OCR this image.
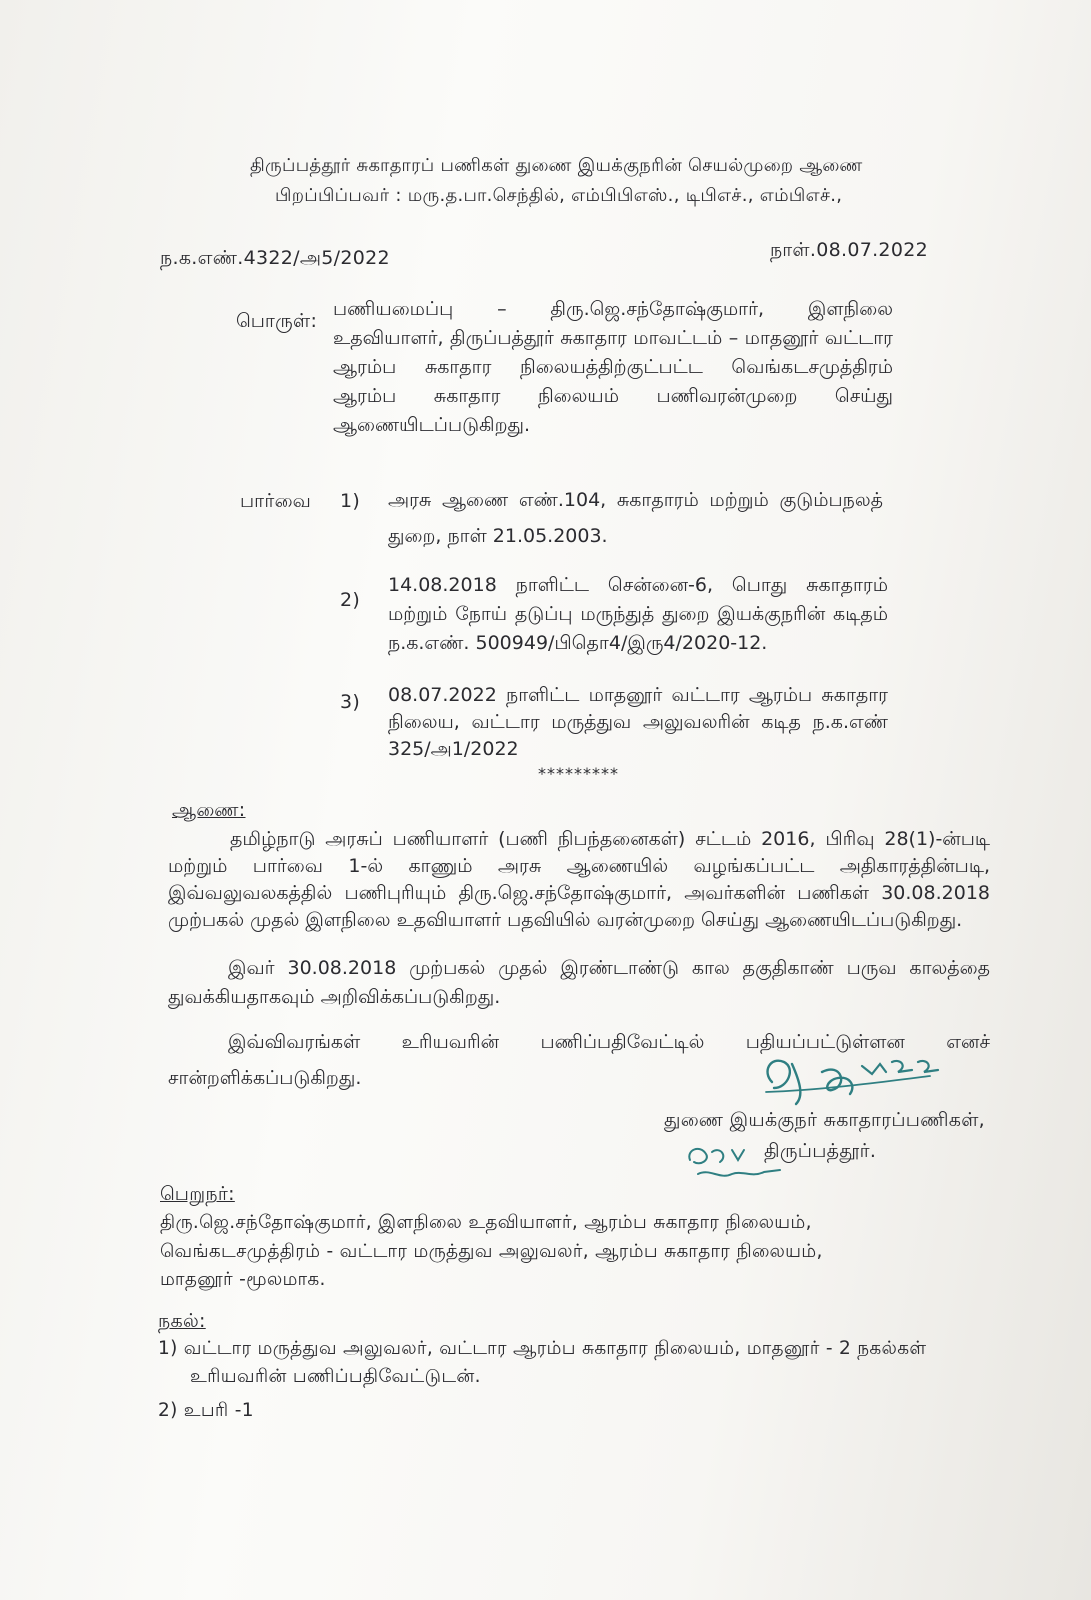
திருப்பத்தூர் சுகாதாரப் பணிகள் துணை இயக்குநரின் செயல்முறை ஆணை
பிறப்பிப்பவர் : மரு.த.பா.செந்தில், எம்பிபிஎஸ்., டிபிஎச்., எம்பிஎச்.,
ந.க.எண்.4322/அ5/2022	நாள்.08.07.2022
பொருள்:
பணியமைப்பு – திரு.ஜெ.சந்தோஷ்குமார், இளநிலை உதவியாளர், திருப்பத்தூர் சுகாதார மாவட்டம் – மாதனூர் வட்டார ஆரம்ப சுகாதார நிலையத்திற்குட்பட்ட வெங்கடசமுத்திரம் ஆரம்ப சுகாதார நிலையம் பணிவரன்முறை செய்து ஆணையிடப்படுகிறது.
பார்வை 1) அரசு ஆணை எண்.104, சுகாதாரம் மற்றும் குடும்பநலத் துறை, நாள் 21.05.2003.
2)
14.08.2018 நாளிட்ட சென்னை-6, பொது சுகாதாரம் மற்றும் நோய் தடுப்பு மருந்துத் துறை இயக்குநரின் கடிதம் ந.க.எண். 500949/பிதொ4/இரு4/2020-12.
3) 08.07.2022 நாளிட்ட மாதனூர் வட்டார ஆரம்ப சுகாதார நிலைய, வட்டார மருத்துவ அலுவலரின் கடித ந.க.எண் 325/அ1/2022
*********
ஆணை:
தமிழ்நாடு அரசுப் பணியாளர் (பணி நிபந்தனைகள்) சட்டம் 2016, பிரிவு 28(1)-ன்படி மற்றும் பார்வை 1-ல் காணும் அரசு ஆணையில் வழங்கப்பட்ட அதிகாரத்தின்படி, இவ்வலுவலகத்தில் பணிபுரியும் திரு.ஜெ.சந்தோஷ்குமார், அவர்களின் பணிகள் 30.08.2018 முற்பகல் முதல் இளநிலை உதவியாளர் பதவியில் வரன்முறை செய்து ஆணையிடப்படுகிறது.
இவர் 30.08.2018 முற்பகல் முதல் இரண்டாண்டு கால தகுதிகாண் பருவ காலத்தை துவக்கியதாகவும் அறிவிக்கப்படுகிறது.
இவ்விவரங்கள் உரியவரின் பணிப்பதிவேட்டில் பதியப்பட்டுள்ளன எனச் சான்றளிக்கப்படுகிறது.
துணை இயக்குநர் சுகாதாரப்பணிகள்,
திருப்பத்தூர்.
பெறுநர்:
திரு.ஜெ.சந்தோஷ்குமார், இளநிலை உதவியாளர், ஆரம்ப சுகாதார நிலையம்,
வெங்கடசமுத்திரம் - வட்டார மருத்துவ அலுவலர், ஆரம்ப சுகாதார நிலையம்,
மாதனூர் -மூலமாக.
நகல்:
1) வட்டார மருத்துவ அலுவலர், வட்டார ஆரம்ப சுகாதார நிலையம், மாதனூர் - 2 நகல்கள்
உரியவரின் பணிப்பதிவேட்டுடன்.
2) உபரி -1
